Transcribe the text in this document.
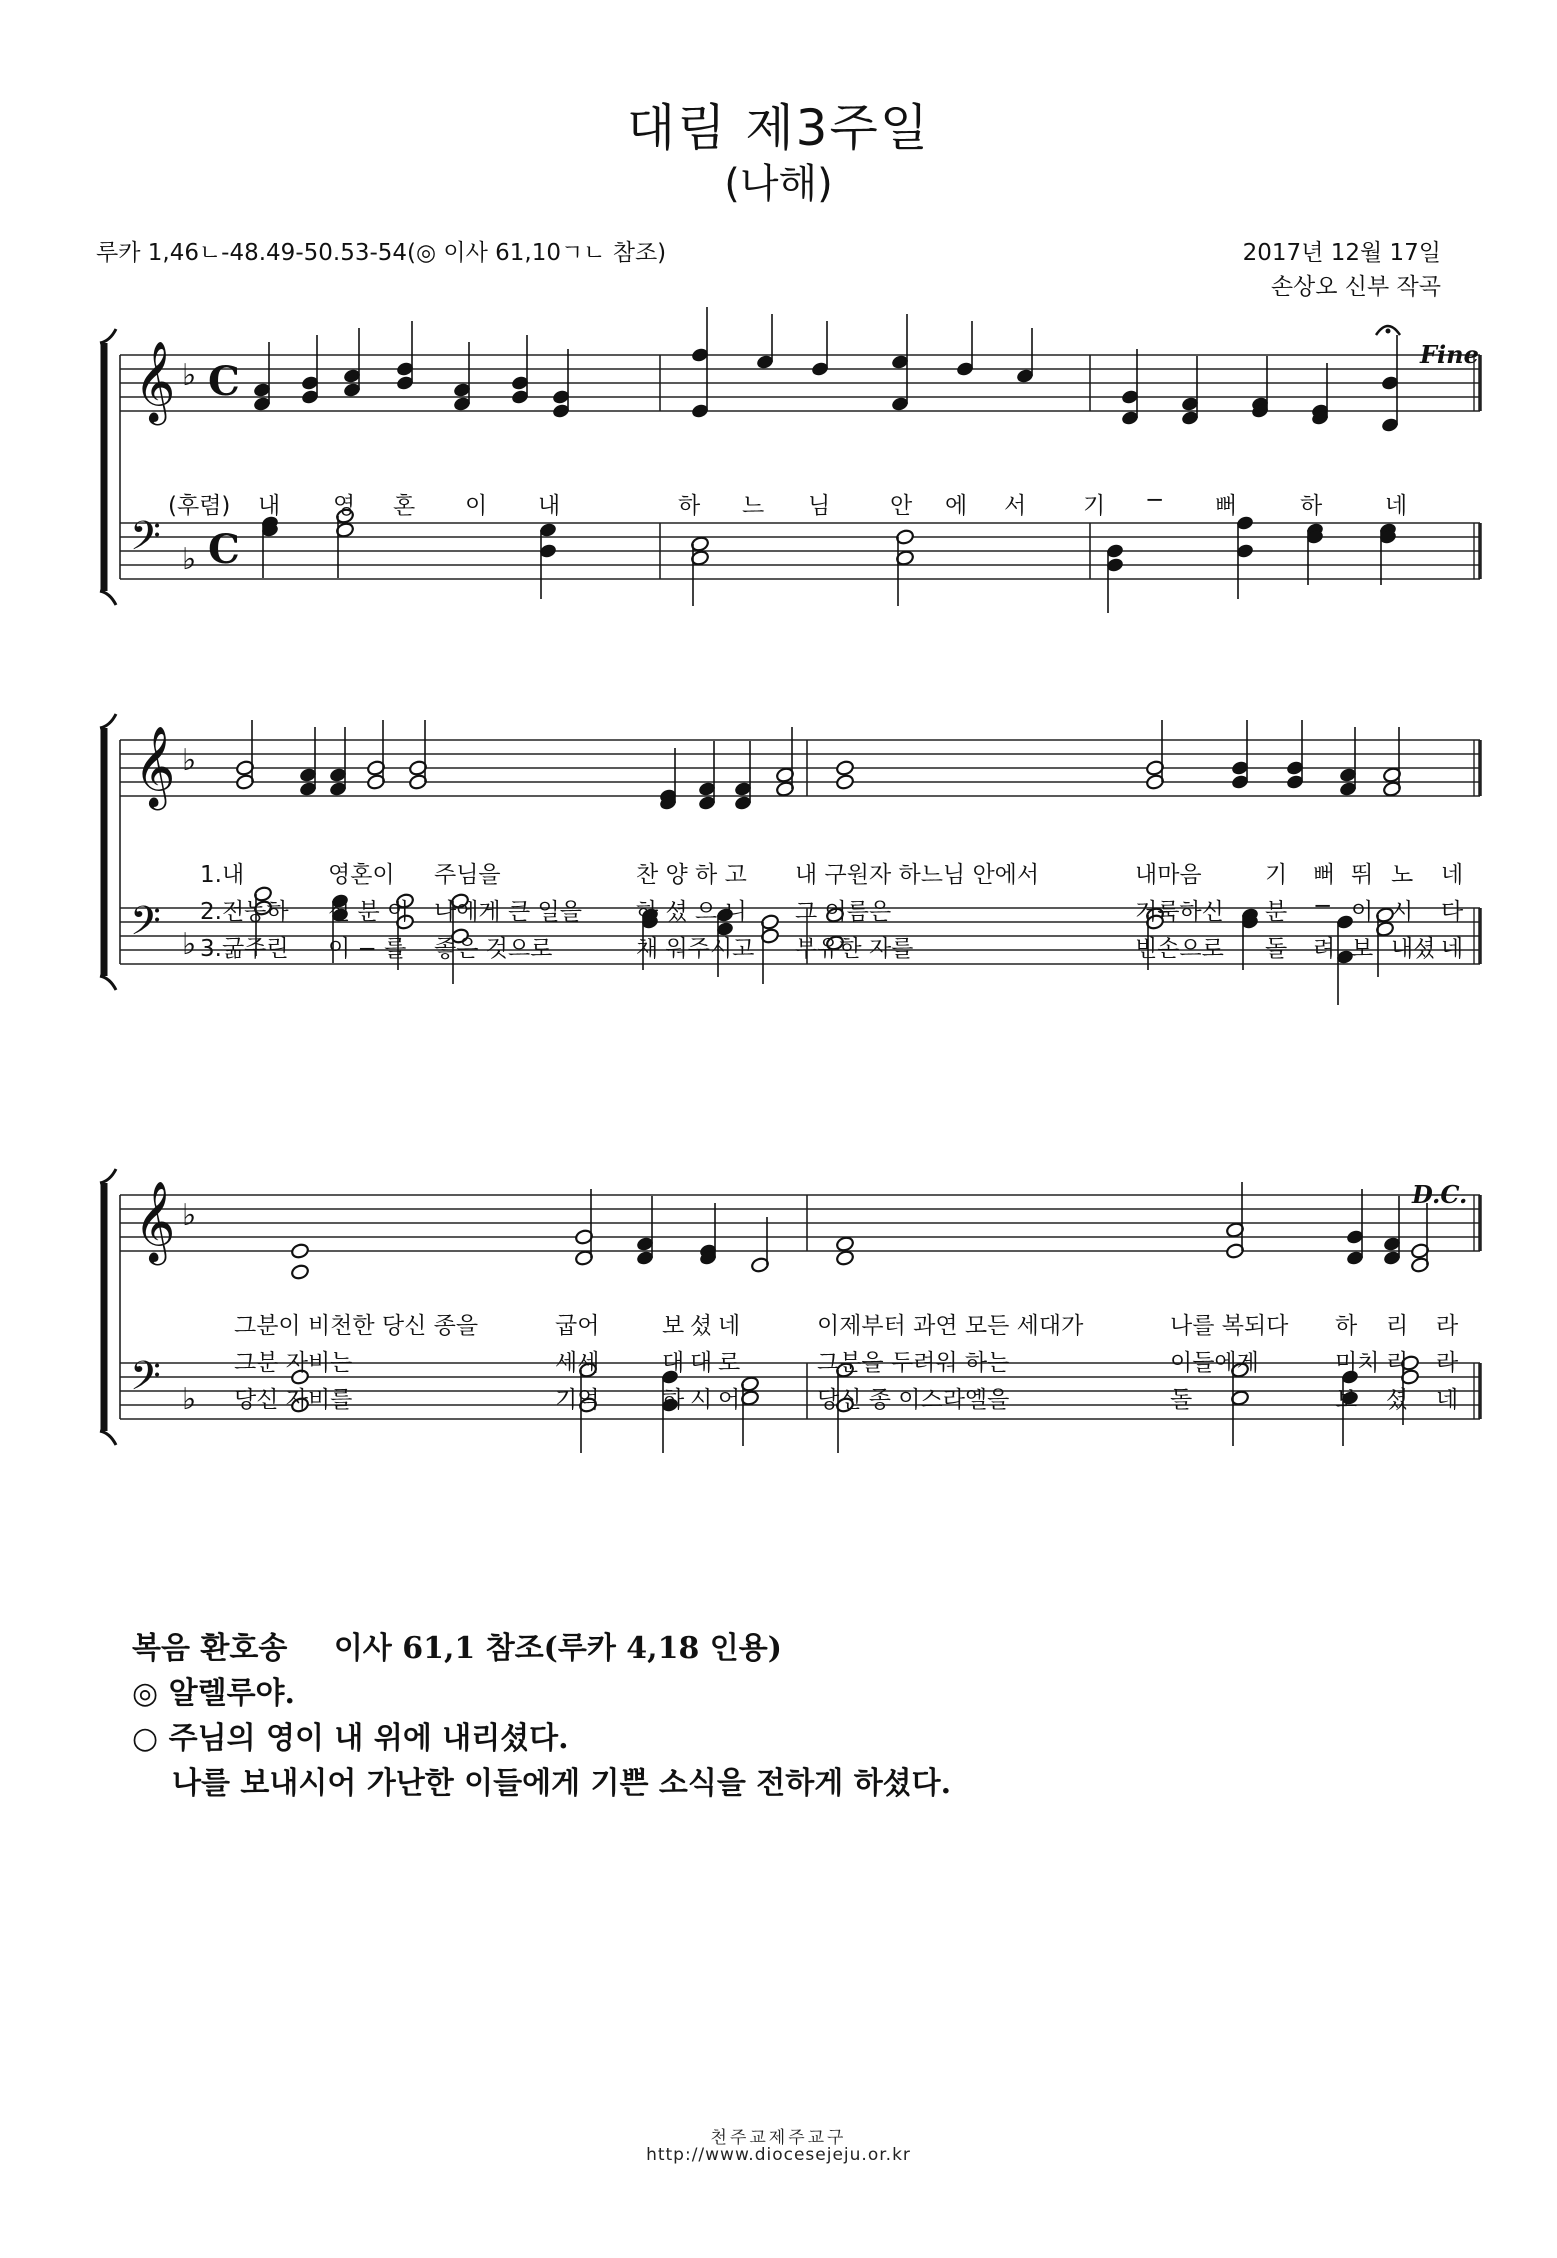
대림 제3주일
(나해)
루카 1,46ㄴ-48.49-50.53-54(◎ 이사 61,10ㄱㄴ 참조)	2017년 12월 17일
손상오 신부 작곡
𝄞
𝄢
♭
♭
C
C
𝄞
𝄢
♭
♭
𝄞
𝄢
♭
♭
Fine
D.C.
(후렴) 내 영 혼 이 내	하 느 님	안 에 서 기 − 뻐	하	네
1.내	영혼이 주님을	찬 양 하 고 내 구원자 하느님 안에서	내마음	기 뻐 뛰 노 네
2.전능하 신 분 이 나에게 큰 일을 하 셨 으 니 그 이름은	거룩하신 분 − 이 시 다
3.굶주린 이 − 를 좋은 것으로	채 워주시고 부유한 자를	빈손으로 돌 려 보 내셨 네
그분이 비천한 당신 종을	굽어	보 셨 네	이제부터 과연 모든 세대가	나를 복되다 하 리 라
그분 자비는	세세	대 대 로	그분을 두려워 하는	이들에게	미치 리 라
당신 자비를	기억	하 시 어	당신 종 이스라엘을	돌	보 셨 네
복음 환호송 이사 61,1 참조(루카 4,18 인용)
◎ 알렐루야.
○ 주님의 영이 내 위에 내리셨다.
나를 보내시어 가난한 이들에게 기쁜 소식을 전하게 하셨다.
천주교제주교구
http://www.diocesejeju.or.kr
